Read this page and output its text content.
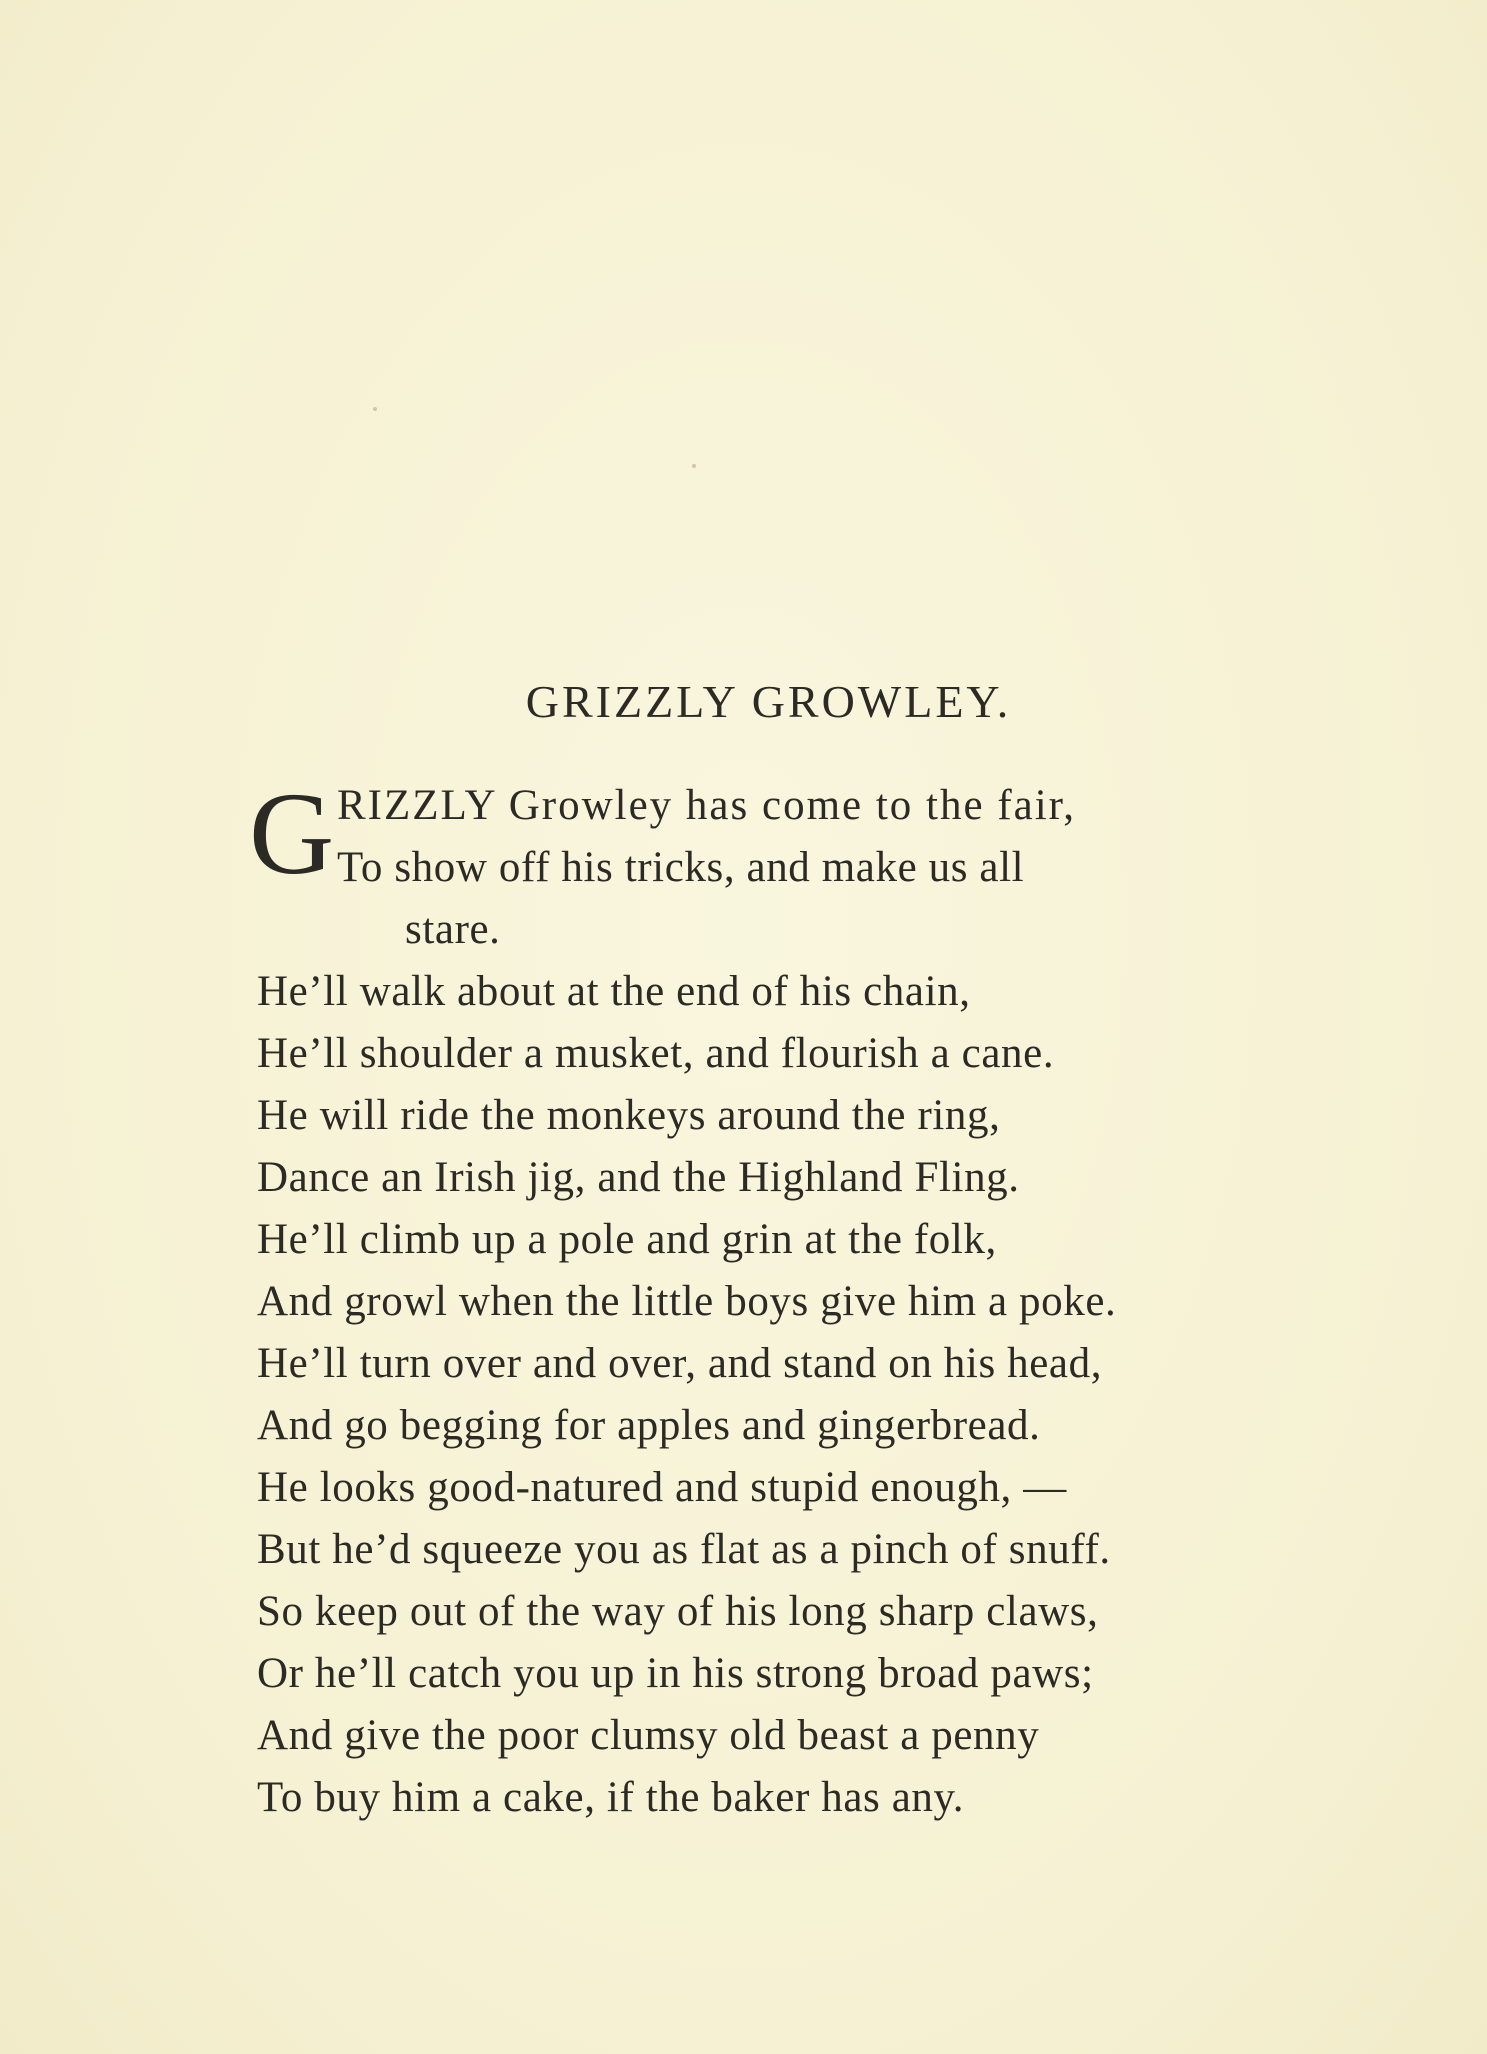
GRIZZLY GROWLEY.
G RIZZLY Growley has come to the fair,
To show off his tricks, and make us all
stare.
He’ll walk about at the end of his chain,
He’ll shoulder a musket, and flourish a cane.
He will ride the monkeys around the ring,
Dance an Irish jig, and the Highland Fling.
He’ll climb up a pole and grin at the folk,
And growl when the little boys give him a poke.
He’ll turn over and over, and stand on his head,
And go begging for apples and gingerbread.
He looks good-natured and stupid enough, —
But he’d squeeze you as flat as a pinch of snuff.
So keep out of the way of his long sharp claws,
Or he’ll catch you up in his strong broad paws;
And give the poor clumsy old beast a penny
To buy him a cake, if the baker has any.
